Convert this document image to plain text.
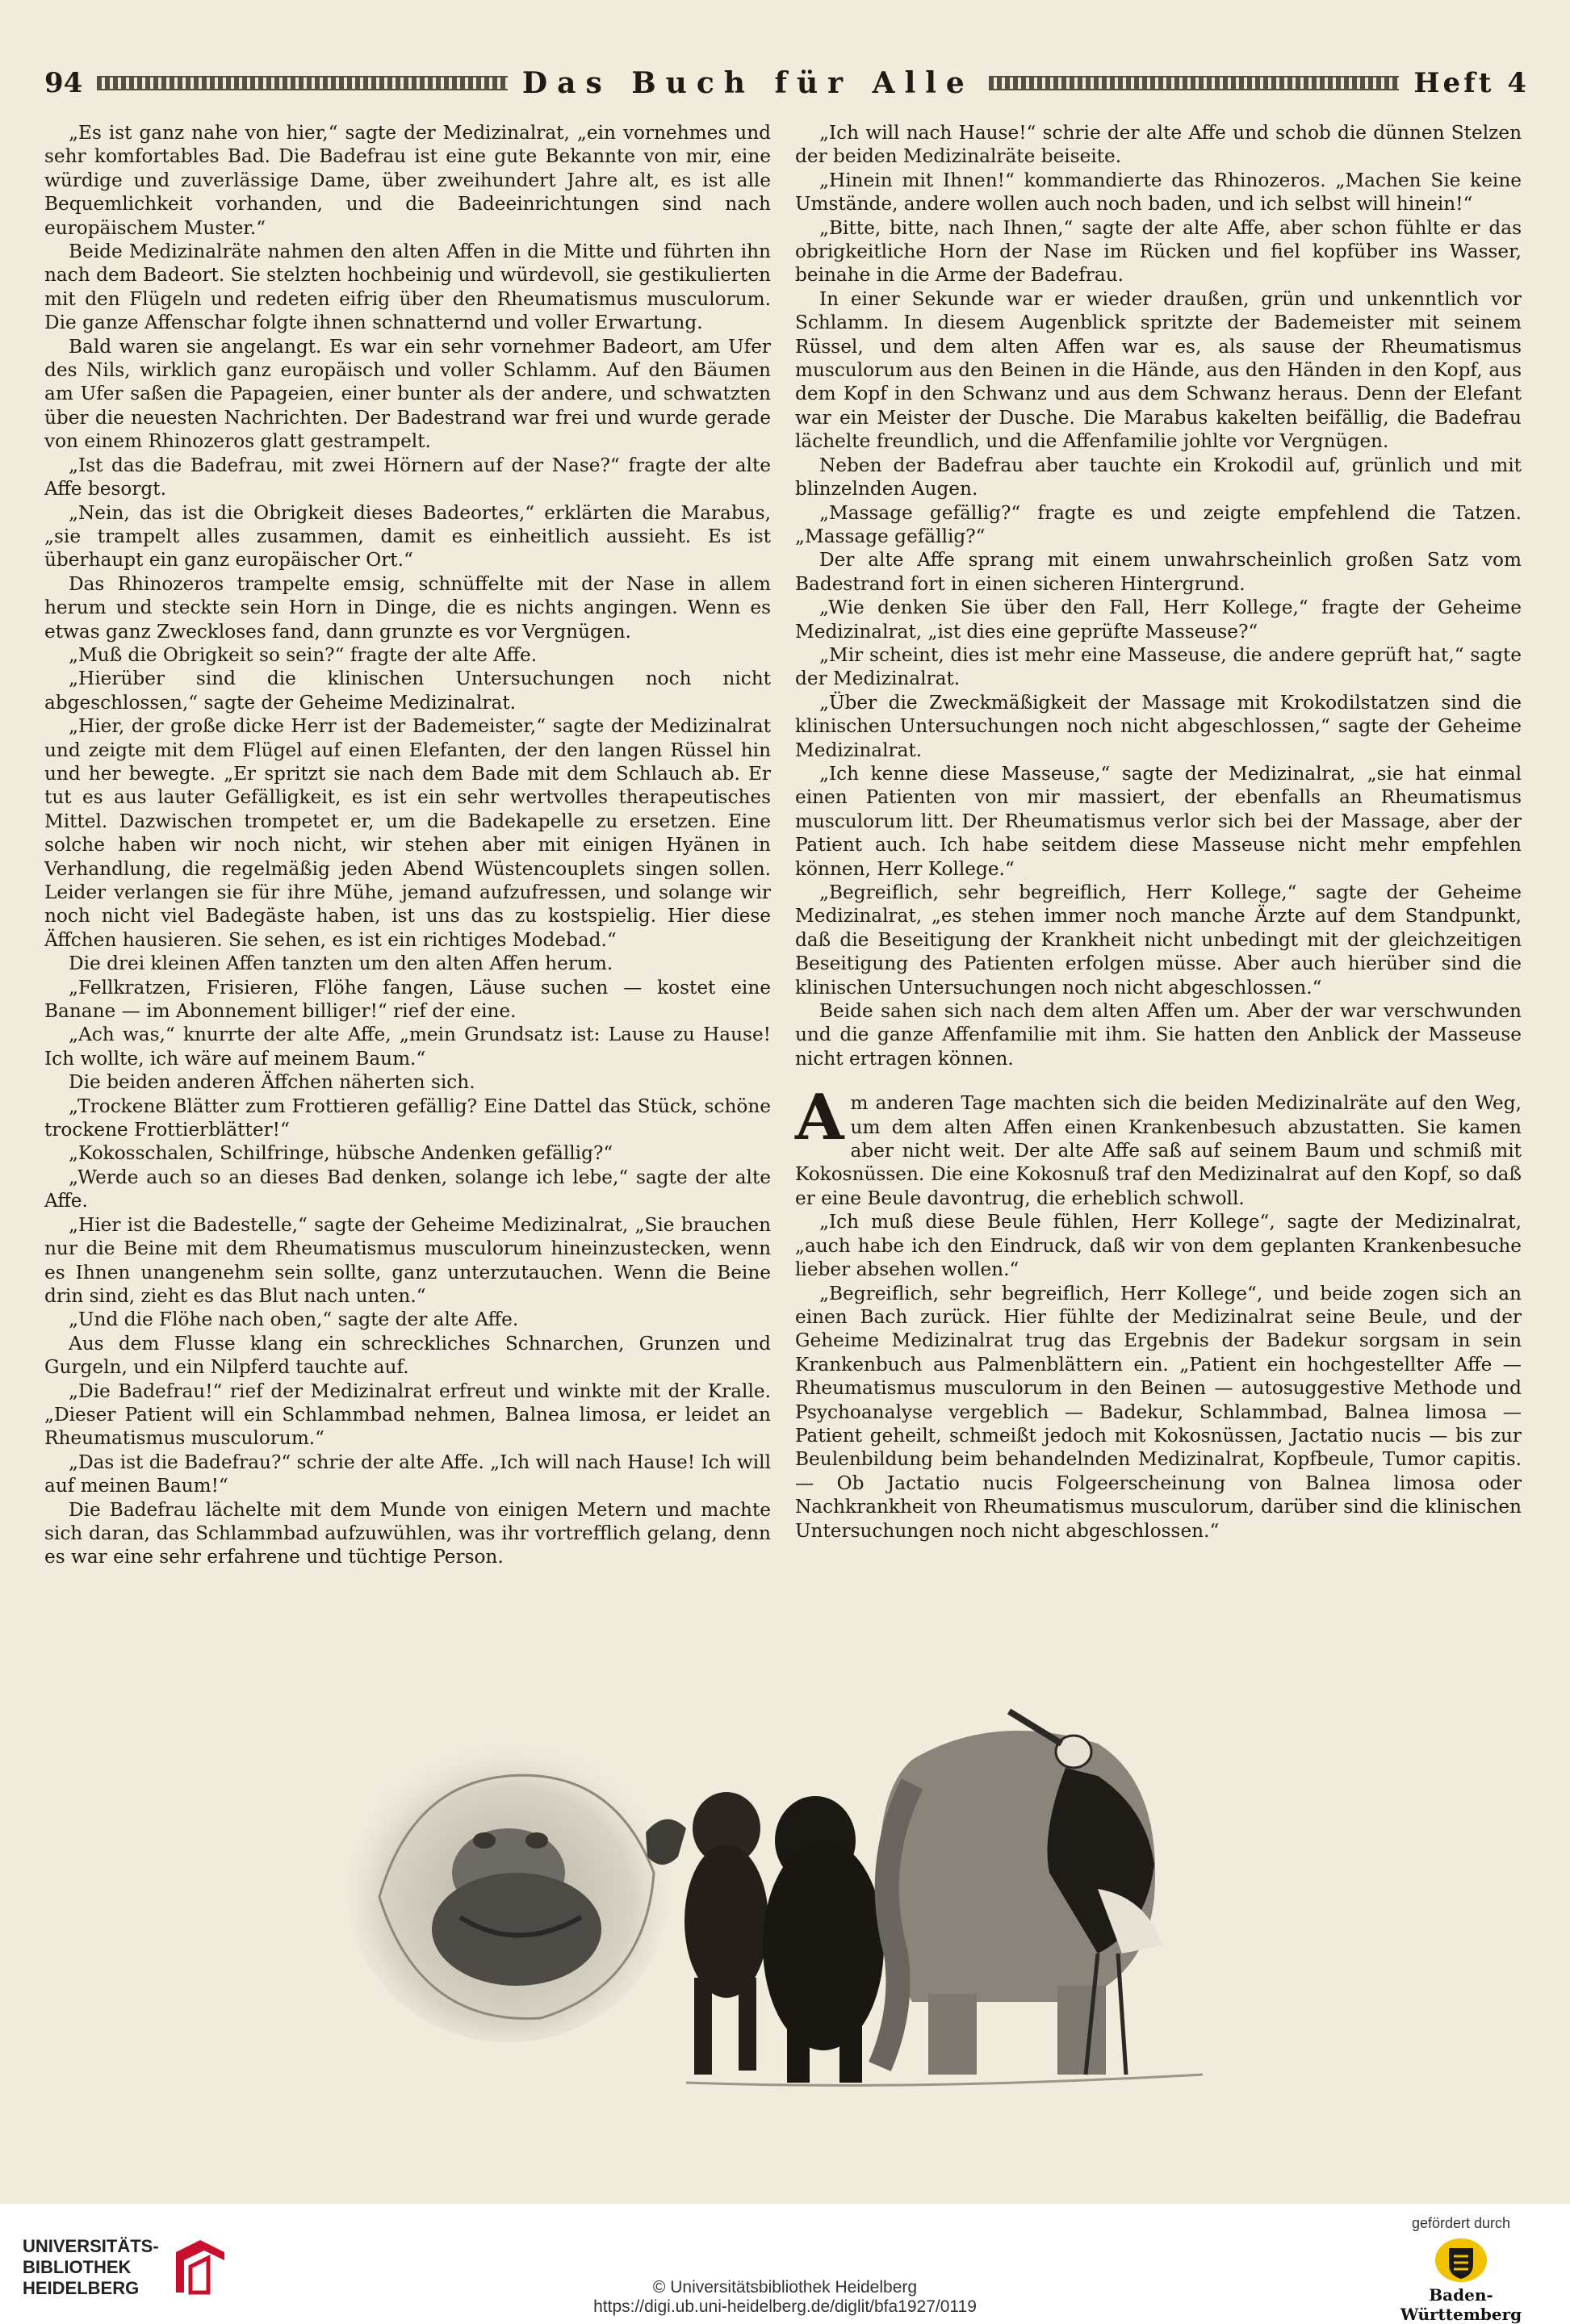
94	Das Buch für Alle	Heft 4

„Es ist ganz nahe von hier,“ sagte der Medizinalrat, „ein vornehmes und sehr komfortables Bad. Die Badefrau ist eine gute Bekannte von mir, eine würdige und zuverlässige Dame, über zweihundert Jahre alt, es ist alle Bequemlichkeit vorhanden, und die Badeeinrichtungen sind nach europäischem Muster.“

Beide Medizinalräte nahmen den alten Affen in die Mitte und führten ihn nach dem Badeort. Sie stelzten hochbeinig und würdevoll, sie gestikulierten mit den Flügeln und redeten eifrig über den Rheumatismus musculorum. Die ganze Affenschar folgte ihnen schnatternd und voller Erwartung.

Bald waren sie angelangt. Es war ein sehr vornehmer Badeort, am Ufer des Nils, wirklich ganz europäisch und voller Schlamm. Auf den Bäumen am Ufer saßen die Papageien, einer bunter als der andere, und schwatzten über die neuesten Nachrichten. Der Badestrand war frei und wurde gerade von einem Rhinozeros glatt gestrampelt.

„Ist das die Badefrau, mit zwei Hörnern auf der Nase?“ fragte der alte Affe besorgt.

„Nein, das ist die Obrigkeit dieses Badeortes,“ erklärten die Marabus, „sie trampelt alles zusammen, damit es einheitlich aussieht. Es ist überhaupt ein ganz europäischer Ort.“

Das Rhinozeros trampelte emsig, schnüffelte mit der Nase in allem herum und steckte sein Horn in Dinge, die es nichts angingen. Wenn es etwas ganz Zweckloses fand, dann grunzte es vor Vergnügen.

„Muß die Obrigkeit so sein?“ fragte der alte Affe.

„Hierüber sind die klinischen Untersuchungen noch nicht abgeschlossen,“ sagte der Geheime Medizinalrat.

„Hier, der große dicke Herr ist der Bademeister,“ sagte der Medizinalrat und zeigte mit dem Flügel auf einen Elefanten, der den langen Rüssel hin und her bewegte. „Er spritzt sie nach dem Bade mit dem Schlauch ab. Er tut es aus lauter Gefälligkeit, es ist ein sehr wertvolles therapeutisches Mittel. Dazwischen trompetet er, um die Badekapelle zu ersetzen. Eine solche haben wir noch nicht, wir stehen aber mit einigen Hyänen in Verhandlung, die regelmäßig jeden Abend Wüstencouplets singen sollen. Leider verlangen sie für ihre Mühe, jemand aufzufressen, und solange wir noch nicht viel Badegäste haben, ist uns das zu kostspielig. Hier diese Äffchen hausieren. Sie sehen, es ist ein richtiges Modebad.“

Die drei kleinen Affen tanzten um den alten Affen herum.

„Fellkratzen, Frisieren, Flöhe fangen, Läuse suchen — kostet eine Banane — im Abonnement billiger!“ rief der eine.

„Ach was,“ knurrte der alte Affe, „mein Grundsatz ist: Lause zu Hause! Ich wollte, ich wäre auf meinem Baum.“

Die beiden anderen Äffchen näherten sich.

„Trockene Blätter zum Frottieren gefällig? Eine Dattel das Stück, schöne trockene Frottierblätter!“

„Kokosschalen, Schilfringe, hübsche Andenken gefällig?“

„Werde auch so an dieses Bad denken, solange ich lebe,“ sagte der alte Affe.

„Hier ist die Badestelle,“ sagte der Geheime Medizinalrat, „Sie brauchen nur die Beine mit dem Rheumatismus musculorum hineinzustecken, wenn es Ihnen unangenehm sein sollte, ganz unterzutauchen. Wenn die Beine drin sind, zieht es das Blut nach unten.“

„Und die Flöhe nach oben,“ sagte der alte Affe.

Aus dem Flusse klang ein schreckliches Schnarchen, Grunzen und Gurgeln, und ein Nilpferd tauchte auf.

„Die Badefrau!“ rief der Medizinalrat erfreut und winkte mit der Kralle. „Dieser Patient will ein Schlammbad nehmen, Balnea limosa, er leidet an Rheumatismus musculorum.“

„Das ist die Badefrau?“ schrie der alte Affe. „Ich will nach Hause! Ich will auf meinen Baum!“

Die Badefrau lächelte mit dem Munde von einigen Metern und machte sich daran, das Schlammbad aufzuwühlen, was ihr vortrefflich gelang, denn es war eine sehr erfahrene und tüchtige Person.

„Ich will nach Hause!“ schrie der alte Affe und schob die dünnen Stelzen der beiden Medizinalräte beiseite.

„Hinein mit Ihnen!“ kommandierte das Rhinozeros. „Machen Sie keine Umstände, andere wollen auch noch baden, und ich selbst will hinein!“

„Bitte, bitte, nach Ihnen,“ sagte der alte Affe, aber schon fühlte er das obrigkeitliche Horn der Nase im Rücken und fiel kopfüber ins Wasser, beinahe in die Arme der Badefrau.

In einer Sekunde war er wieder draußen, grün und unkenntlich vor Schlamm. In diesem Augenblick spritzte der Bademeister mit seinem Rüssel, und dem alten Affen war es, als sause der Rheumatismus musculorum aus den Beinen in die Hände, aus den Händen in den Kopf, aus dem Kopf in den Schwanz und aus dem Schwanz heraus. Denn der Elefant war ein Meister der Dusche. Die Marabus kakelten beifällig, die Badefrau lächelte freundlich, und die Affenfamilie johlte vor Vergnügen.

Neben der Badefrau aber tauchte ein Krokodil auf, grünlich und mit blinzelnden Augen.

„Massage gefällig?“ fragte es und zeigte empfehlend die Tatzen. „Massage gefällig?“

Der alte Affe sprang mit einem unwahrscheinlich großen Satz vom Badestrand fort in einen sicheren Hintergrund.

„Wie denken Sie über den Fall, Herr Kollege,“ fragte der Geheime Medizinalrat, „ist dies eine geprüfte Masseuse?“

„Mir scheint, dies ist mehr eine Masseuse, die andere geprüft hat,“ sagte der Medizinalrat.

„Über die Zweckmäßigkeit der Massage mit Krokodilstatzen sind die klinischen Untersuchungen noch nicht abgeschlossen,“ sagte der Geheime Medizinalrat.

„Ich kenne diese Masseuse,“ sagte der Medizinalrat, „sie hat einmal einen Patienten von mir massiert, der ebenfalls an Rheumatismus musculorum litt. Der Rheumatismus verlor sich bei der Massage, aber der Patient auch. Ich habe seitdem diese Masseuse nicht mehr empfehlen können, Herr Kollege.“

„Begreiflich, sehr begreiflich, Herr Kollege,“ sagte der Geheime Medizinalrat, „es stehen immer noch manche Ärzte auf dem Standpunkt, daß die Beseitigung der Krankheit nicht unbedingt mit der gleichzeitigen Beseitigung des Patienten erfolgen müsse. Aber auch hierüber sind die klinischen Untersuchungen noch nicht abgeschlossen.“

Beide sahen sich nach dem alten Affen um. Aber der war verschwunden und die ganze Affenfamilie mit ihm. Sie hatten den Anblick der Masseuse nicht ertragen können.

Am anderen Tage machten sich die beiden Medizinalräte auf den Weg, um dem alten Affen einen Krankenbesuch abzustatten. Sie kamen aber nicht weit. Der alte Affe saß auf seinem Baum und schmiß mit Kokosnüssen. Die eine Kokosnuß traf den Medizinalrat auf den Kopf, so daß er eine Beule davontrug, die erheblich schwoll.

„Ich muß diese Beule fühlen, Herr Kollege“, sagte der Medizinalrat, „auch habe ich den Eindruck, daß wir von dem geplanten Krankenbesuche lieber absehen wollen.“

„Begreiflich, sehr begreiflich, Herr Kollege“, und beide zogen sich an einen Bach zurück. Hier fühlte der Medizinalrat seine Beule, und der Geheime Medizinalrat trug das Ergebnis der Badekur sorgsam in sein Krankenbuch aus Palmenblättern ein. „Patient ein hochgestellter Affe — Rheumatismus musculorum in den Beinen — autosuggestive Methode und Psychoanalyse vergeblich — Badekur, Schlammbad, Balnea limosa — Patient geheilt, schmeißt jedoch mit Kokosnüssen, Jactatio nucis — bis zur Beulenbildung beim behandelnden Medizinalrat, Kopfbeule, Tumor capitis. — Ob Jactatio nucis Folgeerscheinung von Balnea limosa oder Nachkrankheit von Rheumatismus musculorum, darüber sind die klinischen Untersuchungen noch nicht abgeschlossen.“

UNIVERSITÄTS-
BIBLIOTHEK
HEIDELBERG	© Universitätsbibliothek Heidelberg
https://digi.ub.uni-heidelberg.de/diglit/bfa1927/0119
gefördert durch
Baden-Württemberg
